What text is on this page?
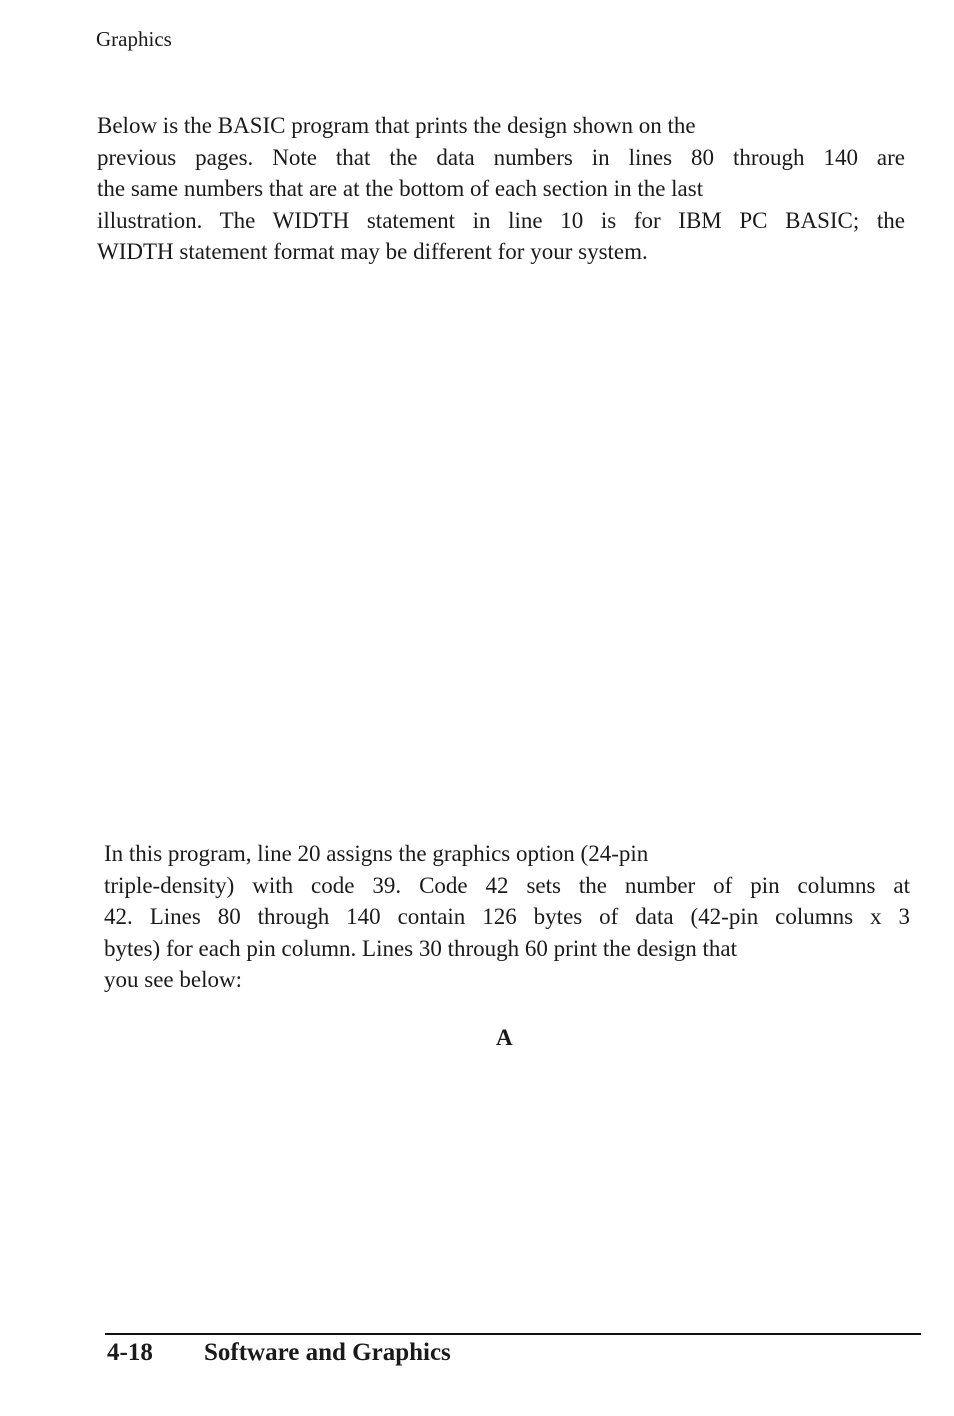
Graphics
Below is the BASIC program that prints the design shown on the
previous pages. Note that the data numbers in lines 80 through 140 are
the same numbers that are at the bottom of each section in the last
illustration. The WIDTH statement in line 10 is for IBM PC BASIC; the
WIDTH statement format may be different for your system.
In this program, line 20 assigns the graphics option (24-pin
triple-density) with code 39. Code 42 sets the number of pin columns at
42. Lines 80 through 140 contain 126 bytes of data (42-pin columns x 3
bytes) for each pin column. Lines 30 through 60 print the design that
you see below:
A
4-18 Software and Graphics
